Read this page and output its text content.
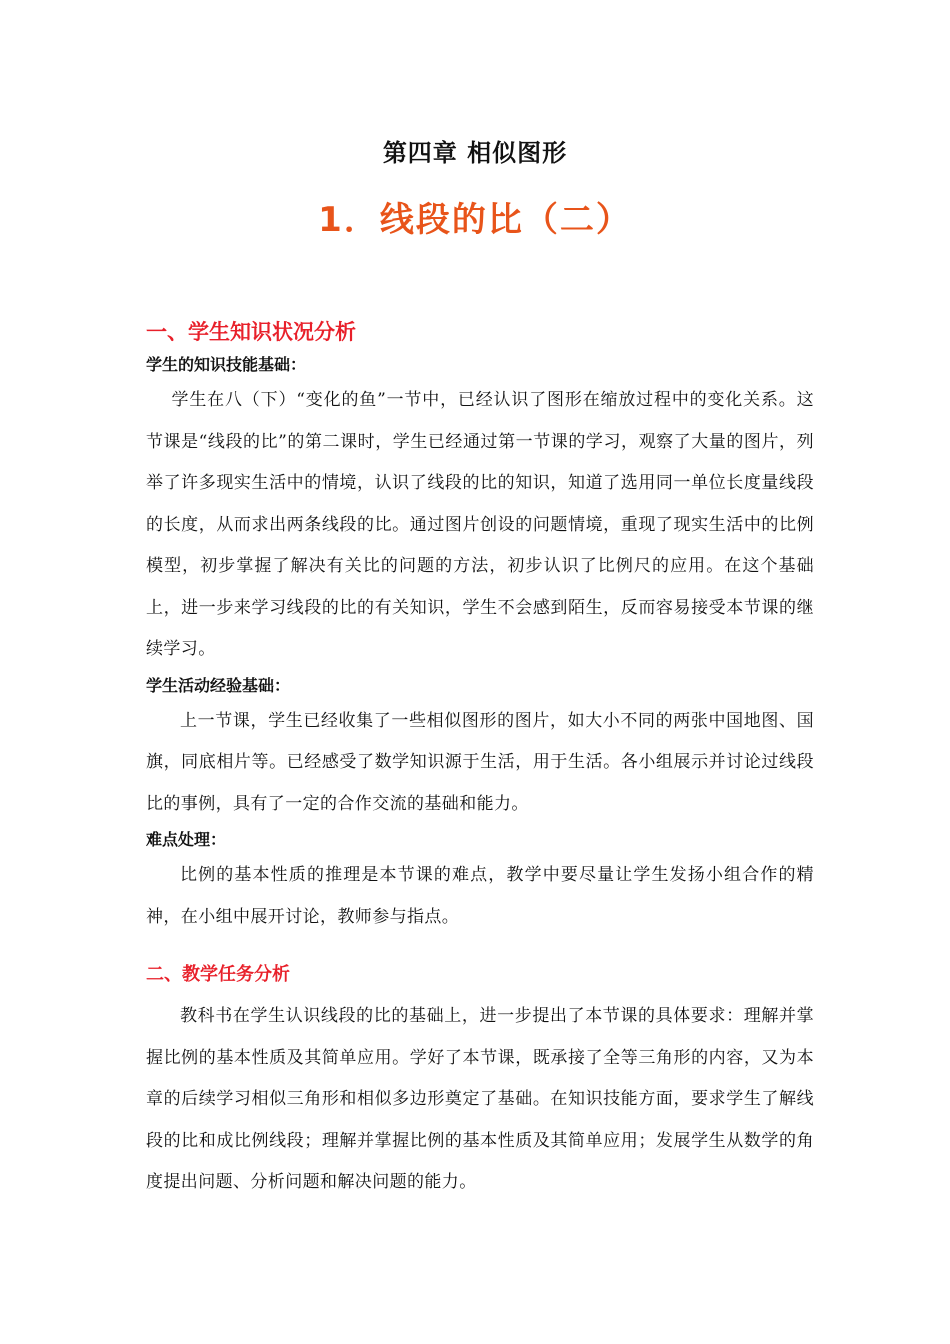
第四章 相似图形
1．线段的比（二）
一、学生知识状况分析
学生的知识技能基础：

学生在八（下）“变化的鱼”一节中，已经认识了图形在缩放过程中的变化关系。这节课是“线段的比”的第二课时，学生已经通过第一节课的学习，观察了大量的图片，列举了许多现实生活中的情境，认识了线段的比的知识，知道了选用同一单位长度量线段的长度，从而求出两条线段的比。通过图片创设的问题情境，重现了现实生活中的比例模型，初步掌握了解决有关比的问题的方法，初步认识了比例尺的应用。在这个基础上，进一步来学习线段的比的有关知识，学生不会感到陌生，反而容易接受本节课的继续学习。

学生活动经验基础：

上一节课，学生已经收集了一些相似图形的图片，如大小不同的两张中国地图、国旗，同底相片等。已经感受了数学知识源于生活，用于生活。各小组展示并讨论过线段比的事例，具有了一定的合作交流的基础和能力。

难点处理：

比例的基本性质的推理是本节课的难点，教学中要尽量让学生发扬小组合作的精神，在小组中展开讨论，教师参与指点。

二、教学任务分析

教科书在学生认识线段的比的基础上，进一步提出了本节课的具体要求：理解并掌握比例的基本性质及其简单应用。学好了本节课，既承接了全等三角形的内容，又为本章的后续学习相似三角形和相似多边形奠定了基础。在知识技能方面，要求学生了解线段的比和成比例线段；理解并掌握比例的基本性质及其简单应用；发展学生从数学的角度提出问题、分析问题和解决问题的能力。
